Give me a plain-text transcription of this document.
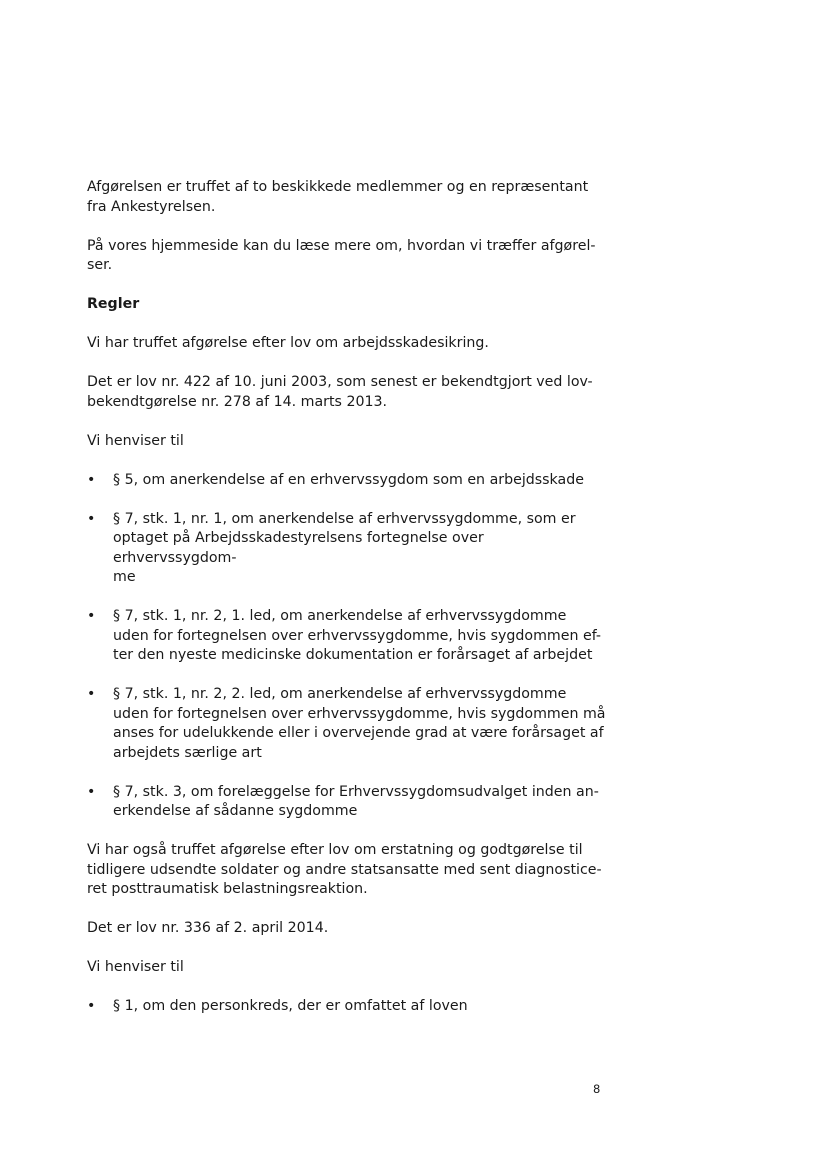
Afgørelsen er truffet af to beskikkede medlemmer og en repræsentant

fra Ankestyrelsen.

På vores hjemmeside kan du læse mere om, hvordan vi træffer afgørel-

ser.

Regler

Vi har truffet afgørelse efter lov om arbejdsskadesikring.

Det er lov nr. 422 af 10. juni 2003, som senest er bekendtgjort ved lov-

bekendtgørelse nr. 278 af 14. marts 2013.

Vi henviser til

• § 5, om anerkendelse af en erhvervssygdom som en arbejdsskade

• § 7, stk. 1, nr. 1, om anerkendelse af erhvervssygdomme, som er

optaget på Arbejdsskadestyrelsens fortegnelse over erhvervssygdom-

me

• § 7, stk. 1, nr. 2, 1. led, om anerkendelse af erhvervssygdomme

uden for fortegnelsen over erhvervssygdomme, hvis sygdommen ef-

ter den nyeste medicinske dokumentation er forårsaget af arbejdet

• § 7, stk. 1, nr. 2, 2. led, om anerkendelse af erhvervssygdomme

uden for fortegnelsen over erhvervssygdomme, hvis sygdommen må

anses for udelukkende eller i overvejende grad at være forårsaget af

arbejdets særlige art

• § 7, stk. 3, om forelæggelse for Erhvervssygdomsudvalget inden an-

erkendelse af sådanne sygdomme

Vi har også truffet afgørelse efter lov om erstatning og godtgørelse til

tidligere udsendte soldater og andre statsansatte med sent diagnostice-

ret posttraumatisk belastningsreaktion.

Det er lov nr. 336 af 2. april 2014.

Vi henviser til

• § 1, om den personkreds, der er omfattet af loven

8
